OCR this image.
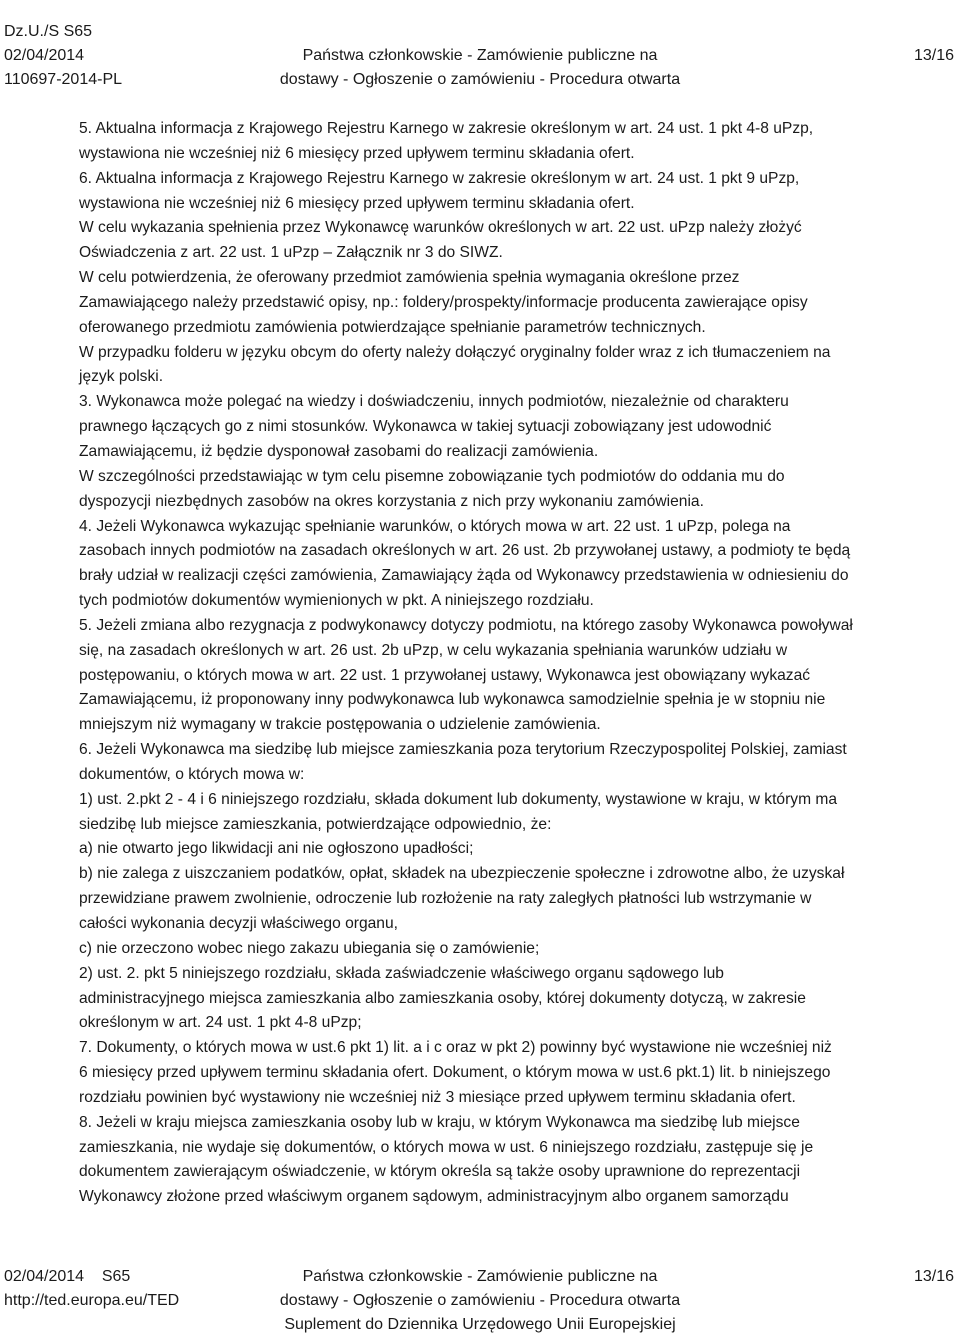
Dz.U./S S65
02/04/2014
110697-2014-PL

Państwa członkowskie - Zamówienie publiczne na
dostawy - Ogłoszenie o zamówieniu - Procedura otwarta

13/16
5. Aktualna informacja z Krajowego Rejestru Karnego w zakresie określonym w art. 24 ust. 1 pkt 4-8 uPzp,
wystawiona nie wcześniej niż 6 miesięcy przed upływem terminu składania ofert.
6. Aktualna informacja z Krajowego Rejestru Karnego w zakresie określonym w art. 24 ust. 1 pkt 9 uPzp,
wystawiona nie wcześniej niż 6 miesięcy przed upływem terminu składania ofert.
W celu wykazania spełnienia przez Wykonawcę warunków określonych w art. 22 ust. uPzp należy złożyć
Oświadczenia z art. 22 ust. 1 uPzp – Załącznik nr 3 do SIWZ.
W celu potwierdzenia, że oferowany przedmiot zamówienia spełnia wymagania określone przez
Zamawiającego należy przedstawić opisy, np.: foldery/prospekty/informacje producenta zawierające opisy
oferowanego przedmiotu zamówienia potwierdzające spełnianie parametrów technicznych.
W przypadku folderu w języku obcym do oferty należy dołączyć oryginalny folder wraz z ich tłumaczeniem na
język polski.
3. Wykonawca może polegać na wiedzy i doświadczeniu, innych podmiotów, niezależnie od charakteru
prawnego łączących go z nimi stosunków. Wykonawca w takiej sytuacji zobowiązany jest udowodnić
Zamawiającemu, iż będzie dysponował zasobami do realizacji zamówienia.
W szczególności przedstawiając w tym celu pisemne zobowiązanie tych podmiotów do oddania mu do
dyspozycji niezbędnych zasobów na okres korzystania z nich przy wykonaniu zamówienia.
4. Jeżeli Wykonawca wykazując spełnianie warunków, o których mowa w art. 22 ust. 1 uPzp, polega na
zasobach innych podmiotów na zasadach określonych w art. 26 ust. 2b przywołanej ustawy, a podmioty te będą
brały udział w realizacji części zamówienia, Zamawiający żąda od Wykonawcy przedstawienia w odniesieniu do
tych podmiotów dokumentów wymienionych w pkt. A niniejszego rozdziału.
5. Jeżeli zmiana albo rezygnacja z podwykonawcy dotyczy podmiotu, na którego zasoby Wykonawca powoływał
się, na zasadach określonych w art. 26 ust. 2b uPzp, w celu wykazania spełniania warunków udziału w
postępowaniu, o których mowa w art. 22 ust. 1 przywołanej ustawy, Wykonawca jest obowiązany wykazać
Zamawiającemu, iż proponowany inny podwykonawca lub wykonawca samodzielnie spełnia je w stopniu nie
mniejszym niż wymagany w trakcie postępowania o udzielenie zamówienia.
6. Jeżeli Wykonawca ma siedzibę lub miejsce zamieszkania poza terytorium Rzeczypospolitej Polskiej, zamiast
dokumentów, o których mowa w:
1) ust. 2.pkt 2 - 4 i 6 niniejszego rozdziału, składa dokument lub dokumenty, wystawione w kraju, w którym ma
siedzibę lub miejsce zamieszkania, potwierdzające odpowiednio, że:
a) nie otwarto jego likwidacji ani nie ogłoszono upadłości;
b) nie zalega z uiszczaniem podatków, opłat, składek na ubezpieczenie społeczne i zdrowotne albo, że uzyskał
przewidziane prawem zwolnienie, odroczenie lub rozłożenie na raty zaległych płatności lub wstrzymanie w
całości wykonania decyzji właściwego organu,
c) nie orzeczono wobec niego zakazu ubiegania się o zamówienie;
2) ust. 2. pkt 5 niniejszego rozdziału, składa zaświadczenie właściwego organu sądowego lub
administracyjnego miejsca zamieszkania albo zamieszkania osoby, której dokumenty dotyczą, w zakresie
określonym w art. 24 ust. 1 pkt 4-8 uPzp;
7. Dokumenty, o których mowa w ust.6 pkt 1) lit. a i c oraz w pkt 2) powinny być wystawione nie wcześniej niż
6 miesięcy przed upływem terminu składania ofert. Dokument, o którym mowa w ust.6 pkt.1) lit. b niniejszego
rozdziału powinien być wystawiony nie wcześniej niż 3 miesiące przed upływem terminu składania ofert.
8. Jeżeli w kraju miejsca zamieszkania osoby lub w kraju, w którym Wykonawca ma siedzibę lub miejsce
zamieszkania, nie wydaje się dokumentów, o których mowa w ust. 6 niniejszego rozdziału, zastępuje się je
dokumentem zawierającym oświadczenie, w którym określa są także osoby uprawnione do reprezentacji
Wykonawcy złożone przed właściwym organem sądowym, administracyjnym albo organem samorządu
02/04/2014    S65
http://ted.europa.eu/TED
Państwa członkowskie - Zamówienie publiczne na
dostawy - Ogłoszenie o zamówieniu - Procedura otwarta
Suplement do Dziennika Urzędowego Unii Europejskiej
13/16
